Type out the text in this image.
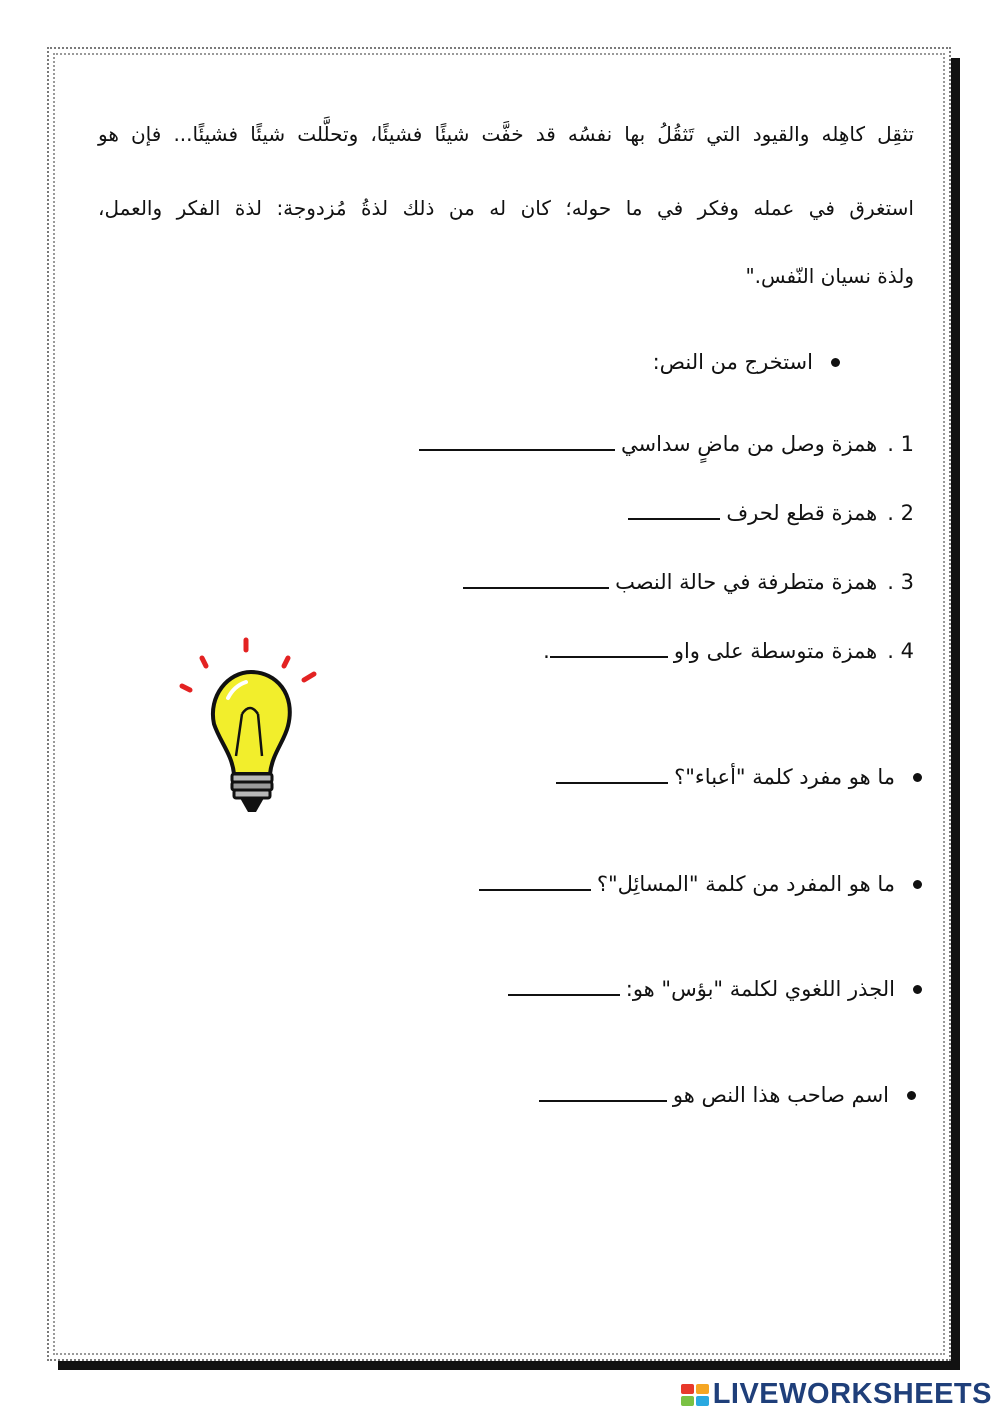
تثقِل كاهِله والقيود التي تَثقُلُ بها نفسُه قد خفَّت شيئًا فشيئًا، وتحلَّلت شيئًا فشيئًا... فإن هو
استغرق في عمله وفكر في ما حوله؛ كان له من ذلك لذةُ مُزدوجة: لذة الفكر والعمل،
ولذة نسيان النّفس."
استخرج من النص:
1 .
همزة وصل من ماضٍ سداسي
2 .
همزة قطع لحرف
3 .
همزة متطرفة في حالة النصب
4 .
همزة متوسطة على واو
.
ما هو مفرد كلمة "أعباء"؟
ما هو المفرد من كلمة "المسائِل"؟
الجذر اللغوي لكلمة "بؤس" هو:
اسم صاحب هذا النص هو
LIVEWORKSHEETS
